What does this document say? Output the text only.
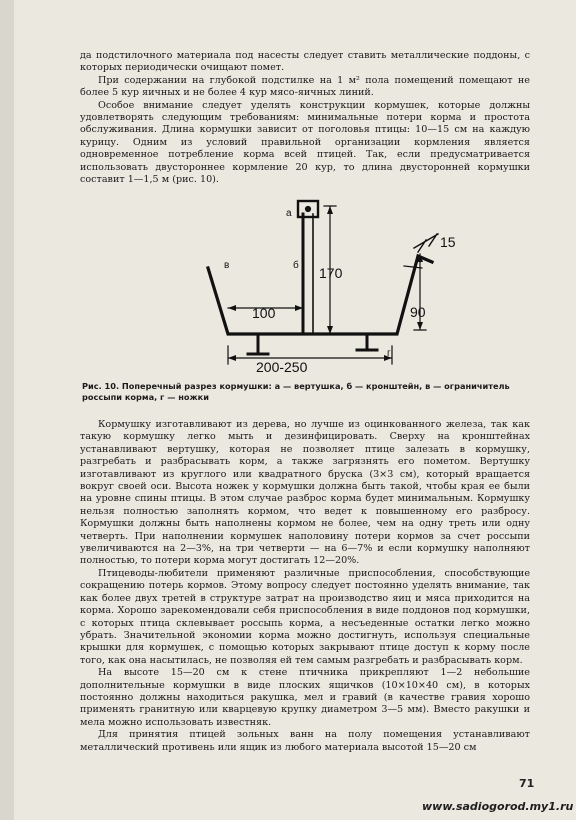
да подстилочного материала под насесты следует ставить металлические поддоны, с которых периодически очищают помет.

При содержании на глубокой подстилке на 1 м² пола помещений помещают не более 5 кур яичных и не более 4 кур мясо-яичных линий.

Особое внимание следует уделять конструкции кормушек, которые должны удовлетворять следующим требованиям: минимальные потери корма и простота обслуживания. Длина кормушки зависит от поголовья птицы: 10—15 см на каждую курицу. Одним из условий правильной организации кормления является одновременное потребление корма всей птицей. Так, если предусматривается использовать двустороннее кормление 20 кур, то длина двусторонней кормушки составит 1—1,5 м (рис. 10).

а
б
в
г
170
100	90
15
200-250
Рис. 10. Поперечный разрез кормушки: а — вертушка, б — кронштейн, в — ограничитель россыпи корма, г — ножки

Кормушку изготавливают из дерева, но лучше из оцинкованного железа, так как такую кормушку легко мыть и дезинфицировать. Сверху на кронштейнах устанавливают вертушку, которая не позволяет птице залезать в кормушку, разгребать и разбрасывать корм, а также загрязнять его пометом. Вертушку изготавливают из круглого или квадратного бруска (3×3 см), который вращается вокруг своей оси. Высота ножек у кормушки должна быть такой, чтобы края ее были на уровне спины птицы. В этом случае разброс корма будет минимальным. Кормушку нельзя полностью заполнять кормом, что ведет к повышенному его разбросу. Кормушки должны быть наполнены кормом не более, чем на одну треть или одну четверть. При наполнении кормушек наполовину потери кормов за счет россыпи увеличиваются на 2—3%, на три четверти — на 6—7% и если кормушку наполняют полностью, то потери корма могут достигать 12—20%.

Птицеводы-любители применяют различные приспособления, способствующие сокращению потерь кормов. Этому вопросу следует постоянно уделять внимание, так как более двух третей в структуре затрат на производство яиц и мяса приходится на корма. Хорошо зарекомендовали себя приспособления в виде поддонов под кормушки, с которых птица склевывает россыпь корма, а несъеденные остатки легко можно убрать. Значительной экономии корма можно достигнуть, используя специальные крышки для кормушек, с помощью которых закрывают птице доступ к корму после того, как она насытилась, не позволяя ей тем самым разгребать и разбрасывать корм.

На высоте 15—20 см к стене птичника прикрепляют 1—2 небольшие дополнительные кормушки в виде плоских ящичков (10×10×40 см), в которых постоянно должны находиться ракушка, мел и гравий (в качестве гравия хорошо применять гранитную или кварцевую крупку диаметром 3—5 мм). Вместо ракушки и мела можно использовать известняк.

Для принятия птицей зольных ванн на полу помещения устанавливают металлический противень или ящик из любого материала высотой 15—20 см

71
www.sadiogorod.my1.ru
